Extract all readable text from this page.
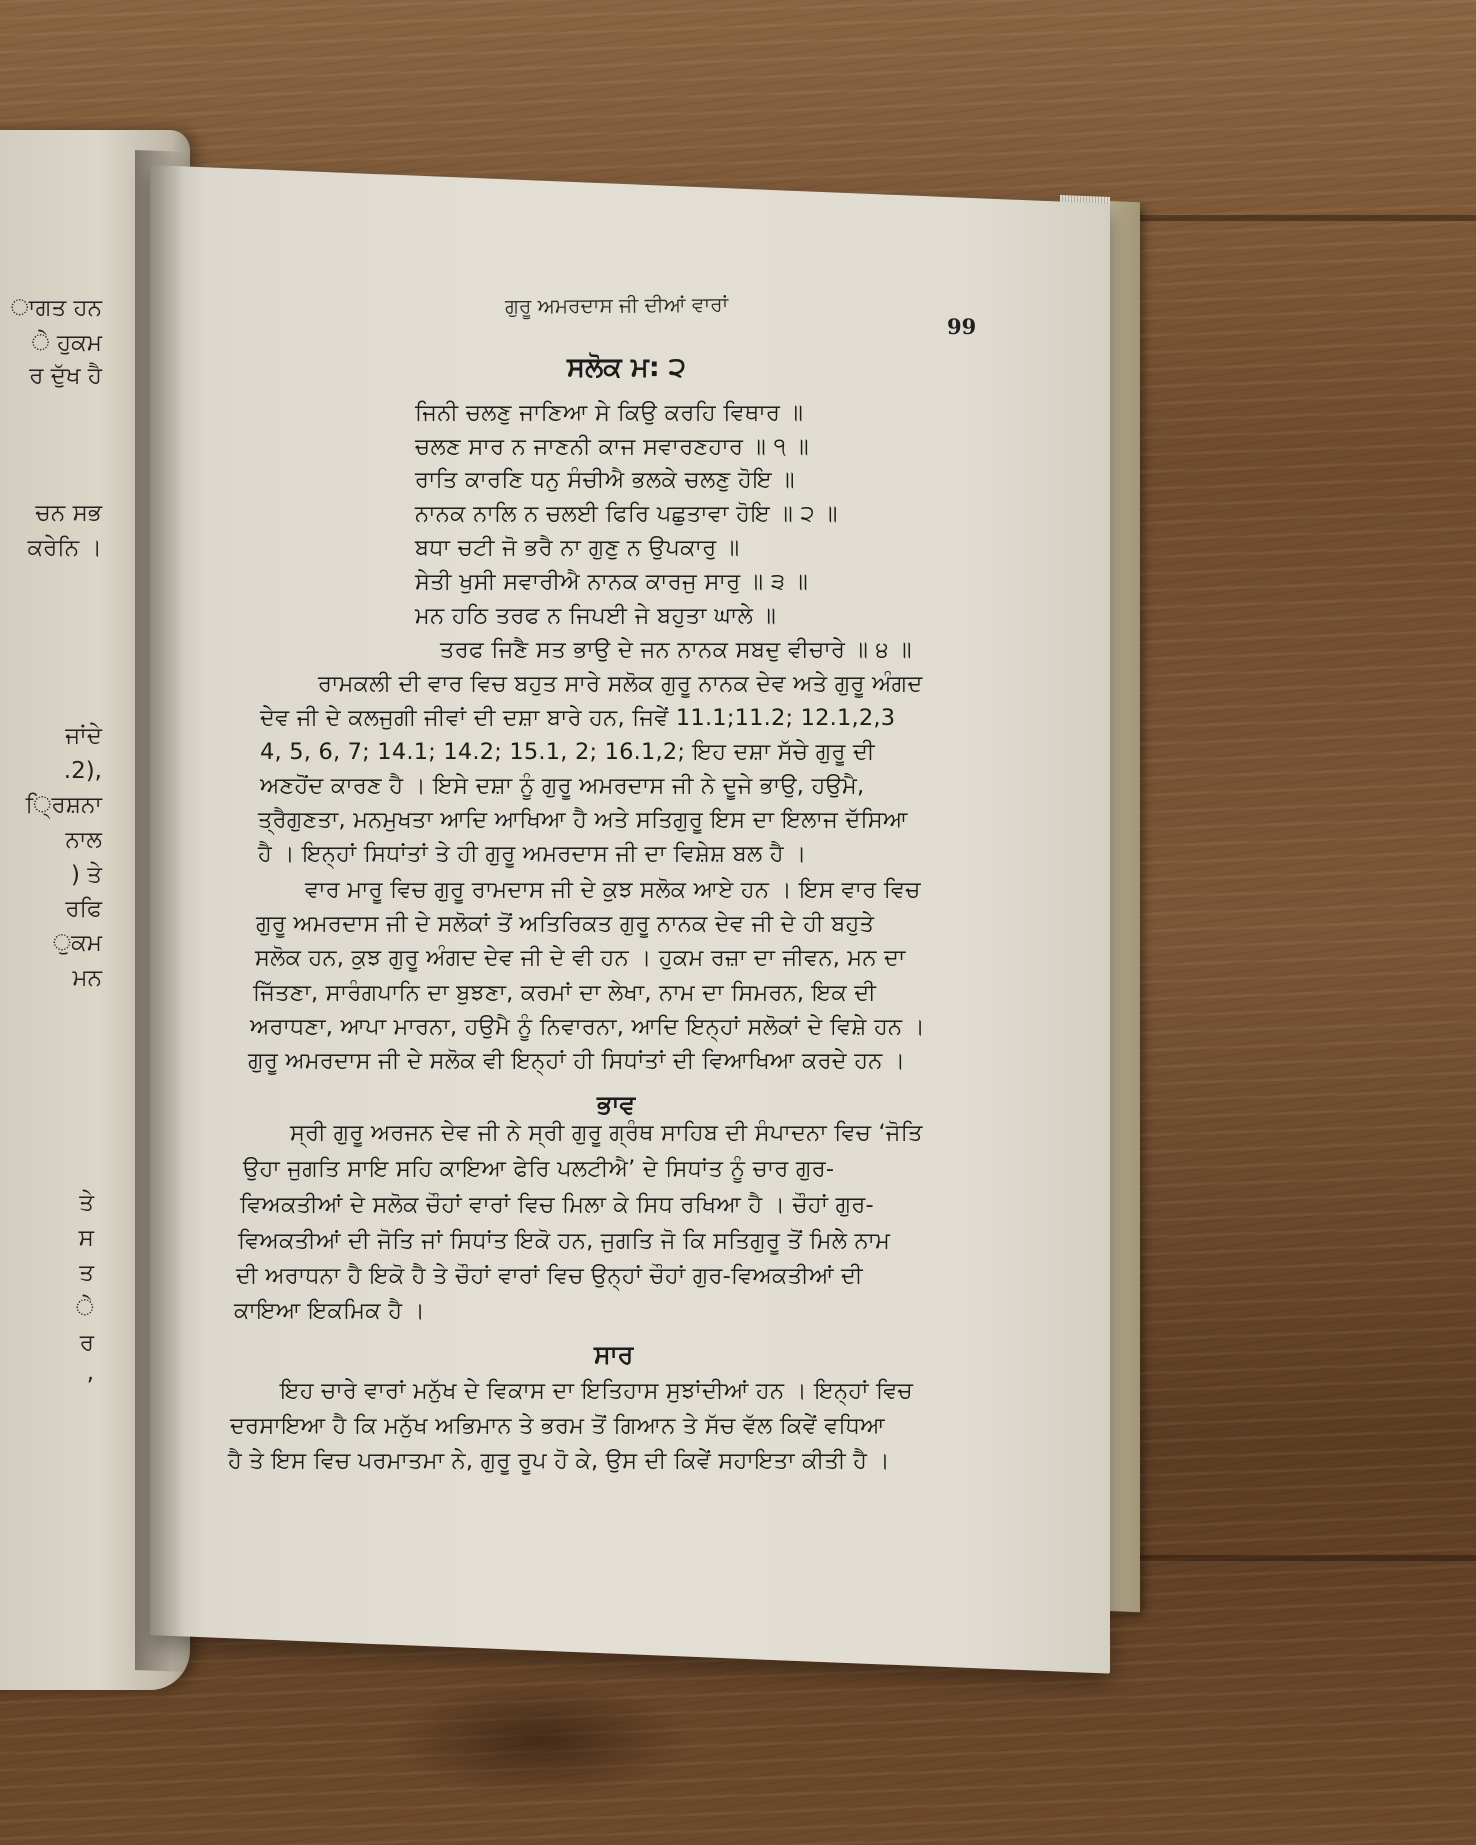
ਾਗਤ ਹਨ
ੇ ਹੁਕਮ
ਰ ਦੁੱਖ ਹੈ
ਚਨ ਸਭ
ਕਰੇਨਿ ।
ਜਾਂਦੇ
.2),
੍ਰਿਸ਼ਨਾ
ਨਾਲ
) ਤੇ
ਰਫਿ
ੁਕਮ
ਮਨ
ਤੇ
ਸ
ਤ
ੇ
ਰ
,
ਗੁਰੂ ਅਮਰਦਾਸ ਜੀ ਦੀਆਂ ਵਾਰਾਂ
99
ਸਲੋਕ ਮ: ੨
ਜਿਨੀ ਚਲਣੁ ਜਾਣਿਆ ਸੇ ਕਿਉ ਕਰਹਿ ਵਿਥਾਰ ॥
ਚਲਣ ਸਾਰ ਨ ਜਾਣਨੀ ਕਾਜ ਸਵਾਰਣਹਾਰ ॥ ੧ ॥
ਰਾਤਿ ਕਾਰਣਿ ਧਨੁ ਸੰਚੀਐ ਭਲਕੇ ਚਲਣੁ ਹੋਇ ॥
ਨਾਨਕ ਨਾਲਿ ਨ ਚਲਈ ਫਿਰਿ ਪਛੁਤਾਵਾ ਹੋਇ ॥ ੨ ॥
ਬਧਾ ਚਟੀ ਜੋ ਭਰੈ ਨਾ ਗੁਣੁ ਨ ਉਪਕਾਰੁ ॥
ਸੇਤੀ ਖੁਸੀ ਸਵਾਰੀਐ ਨਾਨਕ ਕਾਰਜੁ ਸਾਰੁ ॥ ੩ ॥
ਮਨ ਹਠਿ ਤਰਫ ਨ ਜਿਪਈ ਜੇ ਬਹੁਤਾ ਘਾਲੇ ॥
ਤਰਫ ਜਿਣੈ ਸਤ ਭਾਉ ਦੇ ਜਨ ਨਾਨਕ ਸਬਦੁ ਵੀਚਾਰੇ ॥ ੪ ॥
ਰਾਮਕਲੀ ਦੀ ਵਾਰ ਵਿਚ ਬਹੁਤ ਸਾਰੇ ਸਲੋਕ ਗੁਰੂ ਨਾਨਕ ਦੇਵ ਅਤੇ ਗੁਰੂ ਅੰਗਦ
ਦੇਵ ਜੀ ਦੇ ਕਲਜੁਗੀ ਜੀਵਾਂ ਦੀ ਦਸ਼ਾ ਬਾਰੇ ਹਨ, ਜਿਵੇਂ 11.1;11.2; 12.1,2,3
4, 5, 6, 7; 14.1; 14.2; 15.1, 2; 16.1,2; ਇਹ ਦਸ਼ਾ ਸੱਚੇ ਗੁਰੂ ਦੀ
ਅਣਹੋਂਦ ਕਾਰਣ ਹੈ । ਇਸੇ ਦਸ਼ਾ ਨੂੰ ਗੁਰੂ ਅਮਰਦਾਸ ਜੀ ਨੇ ਦੂਜੇ ਭਾਉ, ਹਉਮੈ,
ਤ੍ਰੈਗੁਣਤਾ, ਮਨਮੁਖਤਾ ਆਦਿ ਆਖਿਆ ਹੈ ਅਤੇ ਸਤਿਗੁਰੂ ਇਸ ਦਾ ਇਲਾਜ ਦੱਸਿਆ
ਹੈ । ਇਨ੍ਹਾਂ ਸਿਧਾਂਤਾਂ ਤੇ ਹੀ ਗੁਰੂ ਅਮਰਦਾਸ ਜੀ ਦਾ ਵਿਸ਼ੇਸ਼ ਬਲ ਹੈ ।
ਵਾਰ ਮਾਰੂ ਵਿਚ ਗੁਰੂ ਰਾਮਦਾਸ ਜੀ ਦੇ ਕੁਝ ਸਲੋਕ ਆਏ ਹਨ । ਇਸ ਵਾਰ ਵਿਚ
ਗੁਰੂ ਅਮਰਦਾਸ ਜੀ ਦੇ ਸਲੋਕਾਂ ਤੋਂ ਅਤਿਰਿਕਤ ਗੁਰੂ ਨਾਨਕ ਦੇਵ ਜੀ ਦੇ ਹੀ ਬਹੁਤੇ
ਸਲੋਕ ਹਨ, ਕੁਝ ਗੁਰੂ ਅੰਗਦ ਦੇਵ ਜੀ ਦੇ ਵੀ ਹਨ । ਹੁਕਮ ਰਜ਼ਾ ਦਾ ਜੀਵਨ, ਮਨ ਦਾ
ਜਿੱਤਣਾ, ਸਾਰੰਗਪਾਨਿ ਦਾ ਬੁਝਣਾ, ਕਰਮਾਂ ਦਾ ਲੇਖਾ, ਨਾਮ ਦਾ ਸਿਮਰਨ, ਇਕ ਦੀ
ਅਰਾਧਣਾ, ਆਪਾ ਮਾਰਨਾ, ਹਉਮੈ ਨੂੰ ਨਿਵਾਰਨਾ, ਆਦਿ ਇਨ੍ਹਾਂ ਸਲੋਕਾਂ ਦੇ ਵਿਸ਼ੇ ਹਨ ।
ਗੁਰੂ ਅਮਰਦਾਸ ਜੀ ਦੇ ਸਲੋਕ ਵੀ ਇਨ੍ਹਾਂ ਹੀ ਸਿਧਾਂਤਾਂ ਦੀ ਵਿਆਖਿਆ ਕਰਦੇ ਹਨ ।
ਭਾਵ
ਸ੍ਰੀ ਗੁਰੂ ਅਰਜਨ ਦੇਵ ਜੀ ਨੇ ਸ੍ਰੀ ਗੁਰੂ ਗ੍ਰੰਥ ਸਾਹਿਬ ਦੀ ਸੰਪਾਦਨਾ ਵਿਚ ‘ਜੋਤਿ
ਉਹਾ ਜੁਗਤਿ ਸਾਇ ਸਹਿ ਕਾਇਆ ਫੇਰਿ ਪਲਟੀਐ’ ਦੇ ਸਿਧਾਂਤ ਨੂੰ ਚਾਰ ਗੁਰ-
ਵਿਅਕਤੀਆਂ ਦੇ ਸਲੋਕ ਚੌਹਾਂ ਵਾਰਾਂ ਵਿਚ ਮਿਲਾ ਕੇ ਸਿਧ ਰਖਿਆ ਹੈ । ਚੌਹਾਂ ਗੁਰ-
ਵਿਅਕਤੀਆਂ ਦੀ ਜੋਤਿ ਜਾਂ ਸਿਧਾਂਤ ਇਕੋ ਹਨ, ਜੁਗਤਿ ਜੋ ਕਿ ਸਤਿਗੁਰੂ ਤੋਂ ਮਿਲੇ ਨਾਮ
ਦੀ ਅਰਾਧਨਾ ਹੈ ਇਕੋ ਹੈ ਤੇ ਚੌਹਾਂ ਵਾਰਾਂ ਵਿਚ ਉਨ੍ਹਾਂ ਚੌਹਾਂ ਗੁਰ-ਵਿਅਕਤੀਆਂ ਦੀ
ਕਾਇਆ ਇਕਮਿਕ ਹੈ ।
ਸਾਰ
ਇਹ ਚਾਰੇ ਵਾਰਾਂ ਮਨੁੱਖ ਦੇ ਵਿਕਾਸ ਦਾ ਇਤਿਹਾਸ ਸੁਝਾਂਦੀਆਂ ਹਨ । ਇਨ੍ਹਾਂ ਵਿਚ
ਦਰਸਾਇਆ ਹੈ ਕਿ ਮਨੁੱਖ ਅਭਿਮਾਨ ਤੇ ਭਰਮ ਤੋਂ ਗਿਆਨ ਤੇ ਸੱਚ ਵੱਲ ਕਿਵੇਂ ਵਧਿਆ
ਹੈ ਤੇ ਇਸ ਵਿਚ ਪਰਮਾਤਮਾ ਨੇ, ਗੁਰੂ ਰੂਪ ਹੋ ਕੇ, ਉਸ ਦੀ ਕਿਵੇਂ ਸਹਾਇਤਾ ਕੀਤੀ ਹੈ ।
